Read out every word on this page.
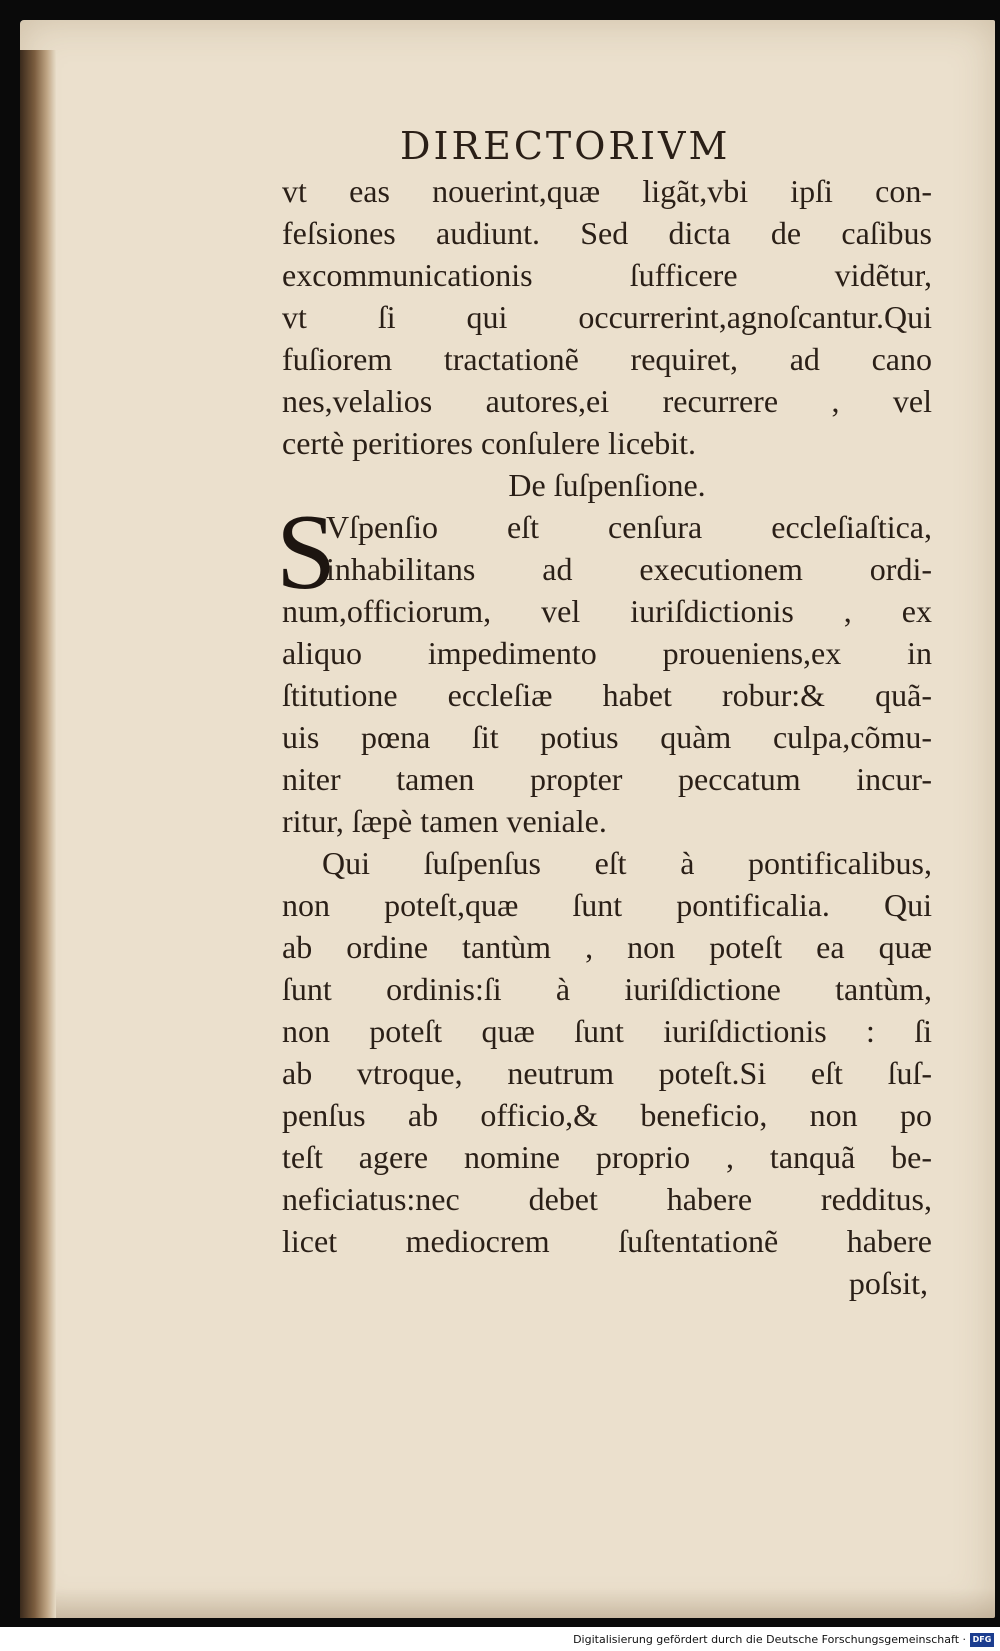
DIRECTORIVM
vt eas nouerint,quæ ligãt,vbi ipſi con-
feſsiones audiunt. Sed dicta de caſibus
excommunicationis ſufficere vidẽtur,
vt ſi qui occurrerint,agnoſcantur.Qui
fuſiorem tractationẽ requiret, ad cano
nes,velalios autores,ei recurrere , vel
certè peritiores conſulere licebit.
De ſuſpenſione.
S
Vſpenſio eſt cenſura eccleſiaſtica,
inhabilitans ad executionem ordi-
num,officiorum, vel iuriſdictionis , ex
aliquo impedimento proueniens,ex in
ſtitutione eccleſiæ habet robur:& quã-
uis pœna ſit potius quàm culpa,cõmu-
niter tamen propter peccatum incur-
ritur, ſæpè tamen veniale.
Qui ſuſpenſus eſt à pontificalibus,
non poteſt,quæ ſunt pontificalia. Qui
ab ordine tantùm , non poteſt ea quæ
ſunt ordinis:ſi à iuriſdictione tantùm,
non poteſt quæ ſunt iuriſdictionis : ſi
ab vtroque, neutrum poteſt.Si eſt ſuſ-
penſus ab officio,& beneficio, non po
teſt agere nomine proprio , tanquã be-
neficiatus:nec debet habere redditus,
licet mediocrem ſuſtentationẽ habere
poſsit,
Digitalisierung gefördert durch die Deutsche Forschungsgemeinschaft · DFG
